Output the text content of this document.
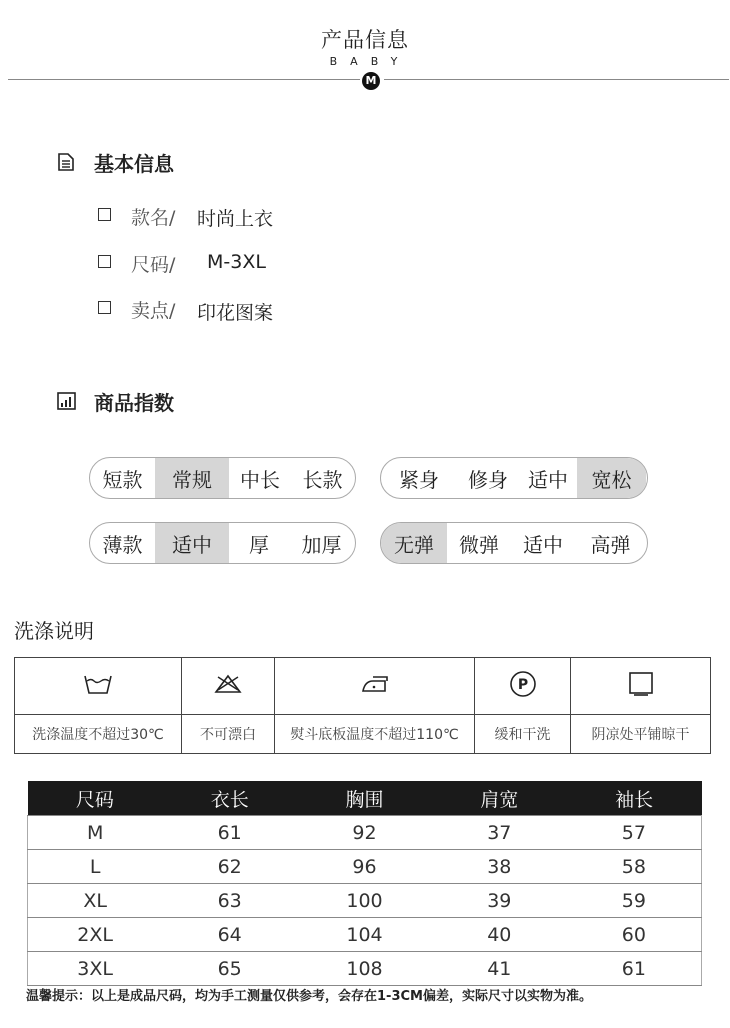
产品信息
BABY
M
基本信息
款名/ 时尚上衣
尺码/ M-3XL
卖点/ 印花图案
商品指数
短款	常规	中长	长款	紧身	修身	适中	宽松
薄款	适中	厚	加厚	无弹	微弹	适中	高弹
洗涤说明

P

洗涤温度不超过30℃	不可漂白	熨斗底板温度不超过110℃	缓和干洗	阴凉处平铺晾干
尺码	衣长	胸围	肩宽	袖长
M	61	92	37	57
L	62	96	38	58
XL	63	100	39	59
2XL	64	104	40	60
3XL	65	108	41	61
温馨提示：以上是成品尺码，均为手工测量仅供参考，会存在1-3CM偏差，实际尺寸以实物为准。
